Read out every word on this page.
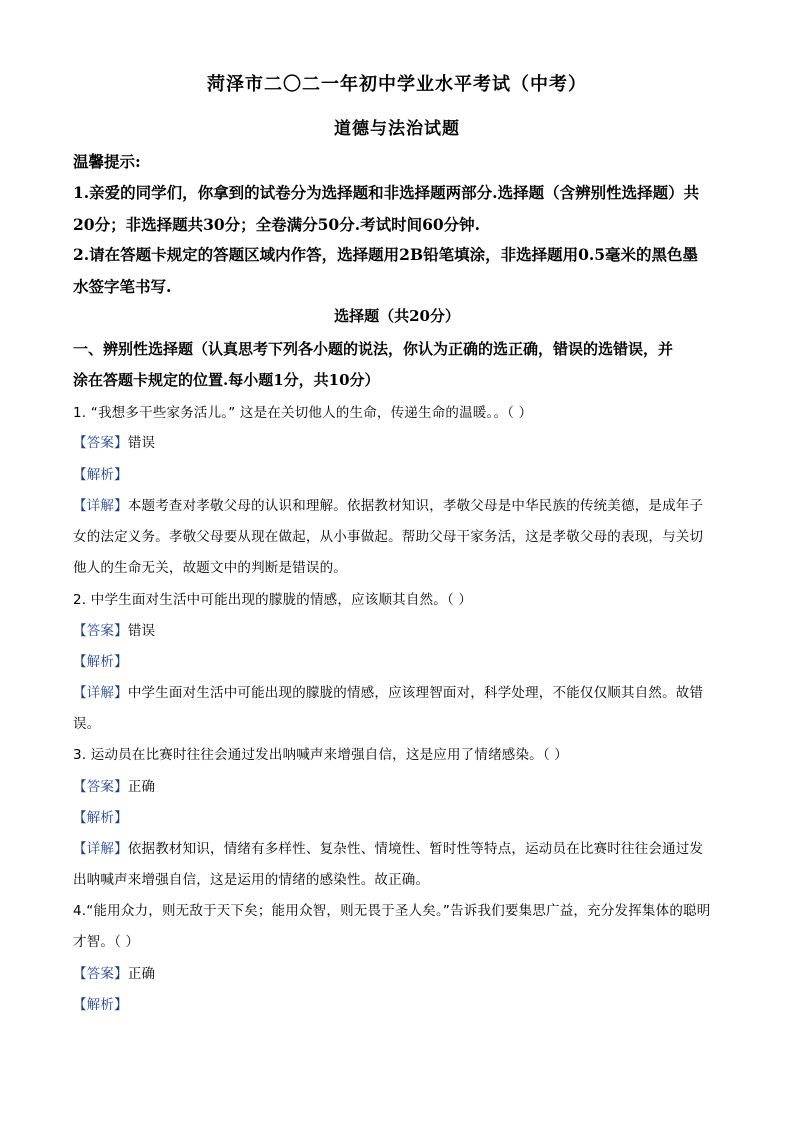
菏泽市二〇二一年初中学业水平考试（中考）
道德与法治试题
温馨提示:
1.亲爱的同学们，你拿到的试卷分为选择题和非选择题两部分.选择题（含辨别性选择题）共
20分；非选择题共30分；全卷满分50分.考试时间60分钟.
2.请在答题卡规定的答题区域内作答，选择题用2B铅笔填涂，非选择题用0.5毫米的黑色墨
水签字笔书写.
选择题（共20分）
一、辨别性选择题（认真思考下列各小题的说法，你认为正确的选正确，错误的选错误，并
涂在答题卡规定的位置.每小题1分，共10分）
1. “我想多干些家务活儿。” 这是在关切他人的生命，传递生命的温暖。。（ ）
【答案】错误
【解析】
【详解】本题考查对孝敬父母的认识和理解。依据教材知识，孝敬父母是中华民族的传统美德，是成年子
女的法定义务。孝敬父母要从现在做起，从小事做起。帮助父母干家务活，这是孝敬父母的表现，与关切
他人的生命无关，故题文中的判断是错误的。
2. 中学生面对生活中可能出现的朦胧的情感，应该顺其自然。（ ）
【答案】错误
【解析】
【详解】中学生面对生活中可能出现的朦胧的情感，应该理智面对，科学处理，不能仅仅顺其自然。故错
误。
3. 运动员在比赛时往往会通过发出呐喊声来增强自信，这是应用了情绪感染。（ ）
【答案】正确
【解析】
【详解】依据教材知识，情绪有多样性、复杂性、情境性、暂时性等特点，运动员在比赛时往往会通过发
出呐喊声来增强自信，这是运用的情绪的感染性。故正确。
4.“能用众力，则无敌于天下矣；能用众智，则无畏于圣人矣。”告诉我们要集思广益，充分发挥集体的聪明
才智。（ ）
【答案】正确
【解析】
